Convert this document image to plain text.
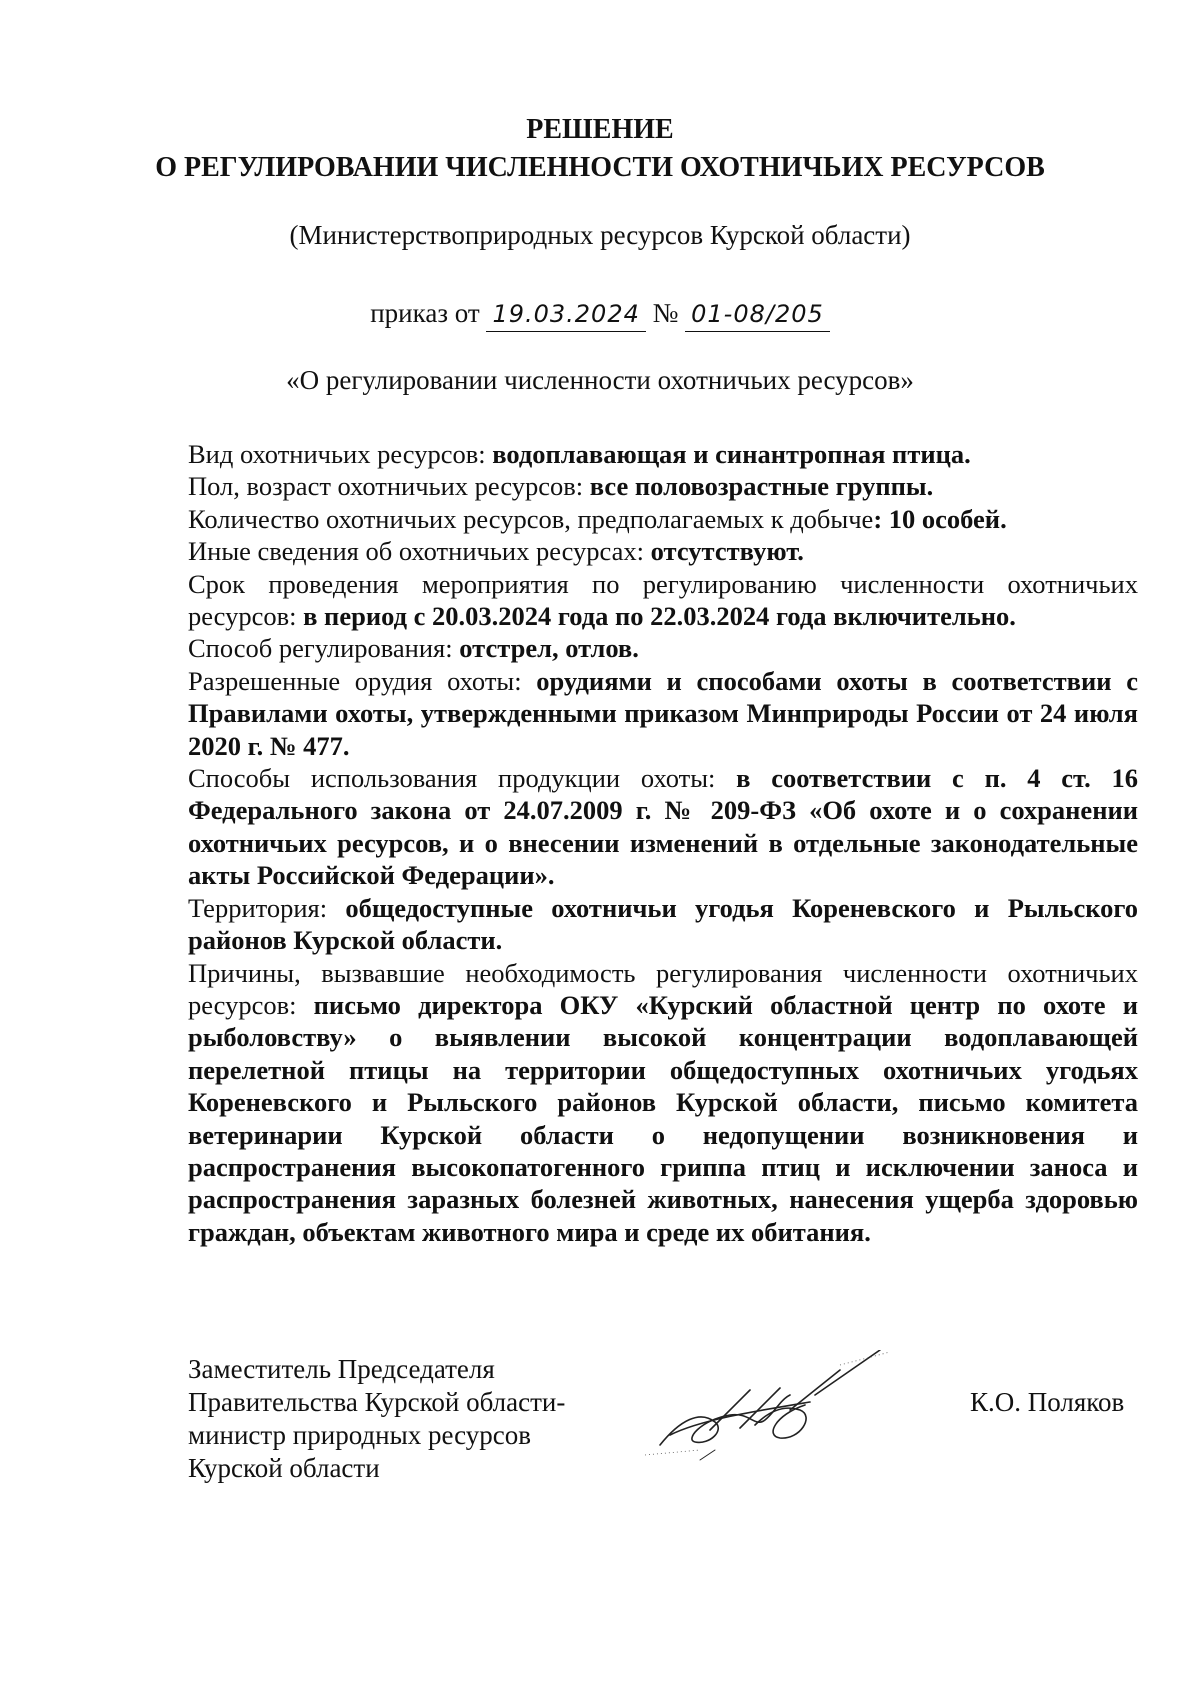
РЕШЕНИЕ
О РЕГУЛИРОВАНИИ ЧИСЛЕННОСТИ ОХОТНИЧЬИХ РЕСУРСОВ
(Министерствоприродных ресурсов Курской области)
приказ от 19.03.2024 № 01-08/205
«О регулировании численности охотничьих ресурсов»

Вид охотничьих ресурсов: водоплавающая и синантропная птица.

Пол, возраст охотничьих ресурсов: все половозрастные группы.

Количество охотничьих ресурсов, предполагаемых к добыче: 10 особей.

Иные сведения об охотничьих ресурсах: отсутствуют.

Срок проведения мероприятия по регулированию численности охотничьих ресурсов: в период с 20.03.2024 года по 22.03.2024 года включительно.

Способ регулирования: отстрел, отлов.

Разрешенные орудия охоты: орудиями и способами охоты в соответствии с Правилами охоты, утвержденными приказом Минприроды России от 24 июля 2020 г. № 477.

Способы использования продукции охоты: в соответствии с п. 4 ст. 16 Федерального закона от 24.07.2009 г. № 209-ФЗ «Об охоте и о сохранении охотничьих ресурсов, и о внесении изменений в отдельные законодательные акты Российской Федерации».

Территория: общедоступные охотничьи угодья Кореневского и Рыльского районов Курской области.

Причины, вызвавшие необходимость регулирования численности охотничьих ресурсов: письмо директора ОКУ «Курский областной центр по охоте и рыболовству» о выявлении высокой концентрации водоплавающей перелетной птицы на территории общедоступных охотничьих угодьях Кореневского и Рыльского районов Курской области, письмо комитета ветеринарии Курской области о недопущении возникновения и распространения высокопатогенного гриппа птиц и исключении заноса и распространения заразных болезней животных, нанесения ущерба здоровью граждан, объектам животного мира и среде их обитания.

Заместитель Председателя
Правительства Курской области-
министр природных ресурсов
Курской области
К.О. Поляков
